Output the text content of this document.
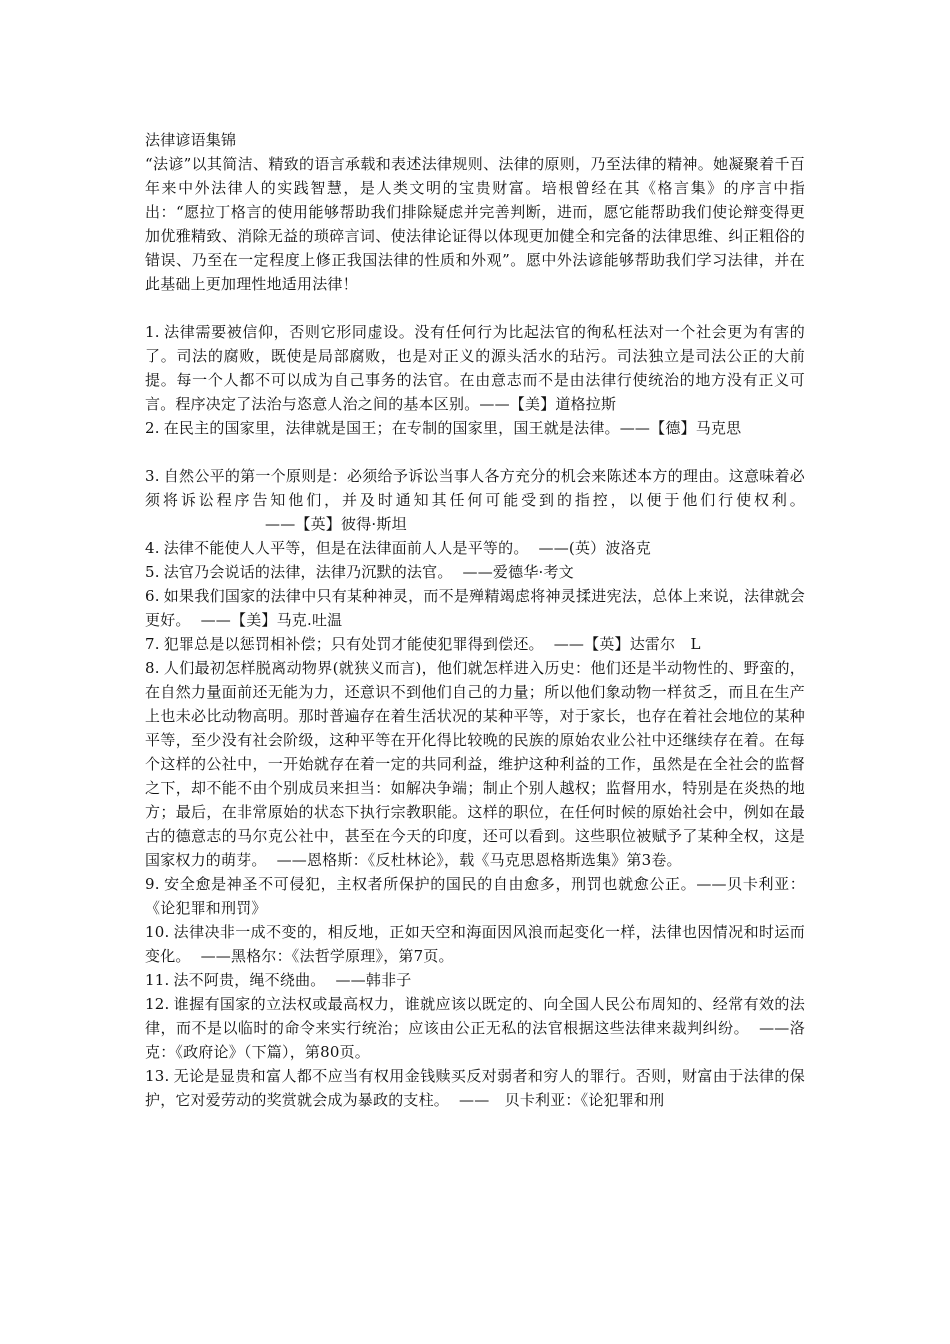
法律谚语集锦

“法谚”以其简洁、精致的语言承载和表述法律规则、法律的原则，乃至法律的精神。她凝聚着千百年来中外法律人的实践智慧，是人类文明的宝贵财富。培根曾经在其《格言集》的序言中指出：“愿拉丁格言的使用能够帮助我们排除疑虑并完善判断，进而，愿它能帮助我们使论辩变得更加优雅精致、消除无益的琐碎言词、使法律论证得以体现更加健全和完备的法律思维、纠正粗俗的错误、乃至在一定程度上修正我国法律的性质和外观”。愿中外法谚能够帮助我们学习法律，并在此基础上更加理性地适用法律！

1. 法律需要被信仰，否则它形同虚设。没有任何行为比起法官的徇私枉法对一个社会更为有害的了。司法的腐败，既使是局部腐败，也是对正义的源头活水的玷污。司法独立是司法公正的大前提。每一个人都不可以成为自己事务的法官。在由意志而不是由法律行使统治的地方没有正义可言。程序决定了法治与恣意人治之间的基本区别。——【美】道格拉斯

2. 在民主的国家里，法律就是国王；在专制的国家里，国王就是法律。——【德】马克思

3. 自然公平的第一个原则是：必须给予诉讼当事人各方充分的机会来陈述本方的理由。这意味着必须将诉讼程序告知他们，并及时通知其任何可能受到的指控，以便于他们行使权利。——【英】彼得·斯坦

4. 法律不能使人人平等，但是在法律面前人人是平等的。 ——(英）波洛克

5. 法官乃会说话的法律，法律乃沉默的法官。 ——爱德华·考文

6. 如果我们国家的法律中只有某种神灵，而不是殚精竭虑将神灵揉进宪法，总体上来说，法律就会更好。 ——【美】马克.吐温

7. 犯罪总是以惩罚相补偿；只有处罚才能使犯罪得到偿还。 ——【英】达雷尔　L

8. 人们最初怎样脱离动物界(就狭义而言)，他们就怎样进入历史：他们还是半动物性的、野蛮的，在自然力量面前还无能为力，还意识不到他们自己的力量；所以他们象动物一样贫乏，而且在生产上也未必比动物高明。那时普遍存在着生活状况的某种平等，对于家长，也存在着社会地位的某种平等，至少没有社会阶级，这种平等在开化得比较晚的民族的原始农业公社中还继续存在着。在每个这样的公社中，一开始就存在着一定的共同利益，维护这种利益的工作，虽然是在全社会的监督之下，却不能不由个别成员来担当：如解决争端；制止个别人越权；监督用水，特别是在炎热的地方；最后，在非常原始的状态下执行宗教职能。这样的职位，在任何时候的原始社会中，例如在最古的德意志的马尔克公社中，甚至在今天的印度，还可以看到。这些职位被赋予了某种全权，这是国家权力的萌芽。 ——恩格斯：《反杜林论》，载《马克思恩格斯选集》第3卷。

9. 安全愈是神圣不可侵犯，主权者所保护的国民的自由愈多，刑罚也就愈公正。——贝卡利亚：《论犯罪和刑罚》

10. 法律决非一成不变的，相反地，正如天空和海面因风浪而起变化一样，法律也因情况和时运而变化。 ——黑格尔：《法哲学原理》，第7页。

11. 法不阿贵，绳不绕曲。 ——韩非子

12. 谁握有国家的立法权或最高权力，谁就应该以既定的、向全国人民公布周知的、经常有效的法律，而不是以临时的命令来实行统治；应该由公正无私的法官根据这些法律来裁判纠纷。 ——洛克：《政府论》（下篇），第80页。

13. 无论是显贵和富人都不应当有权用金钱赎买反对弱者和穷人的罪行。否则，财富由于法律的保护，它对爱劳动的奖赏就会成为暴政的支柱。 ——　贝卡利亚：《论犯罪和刑
